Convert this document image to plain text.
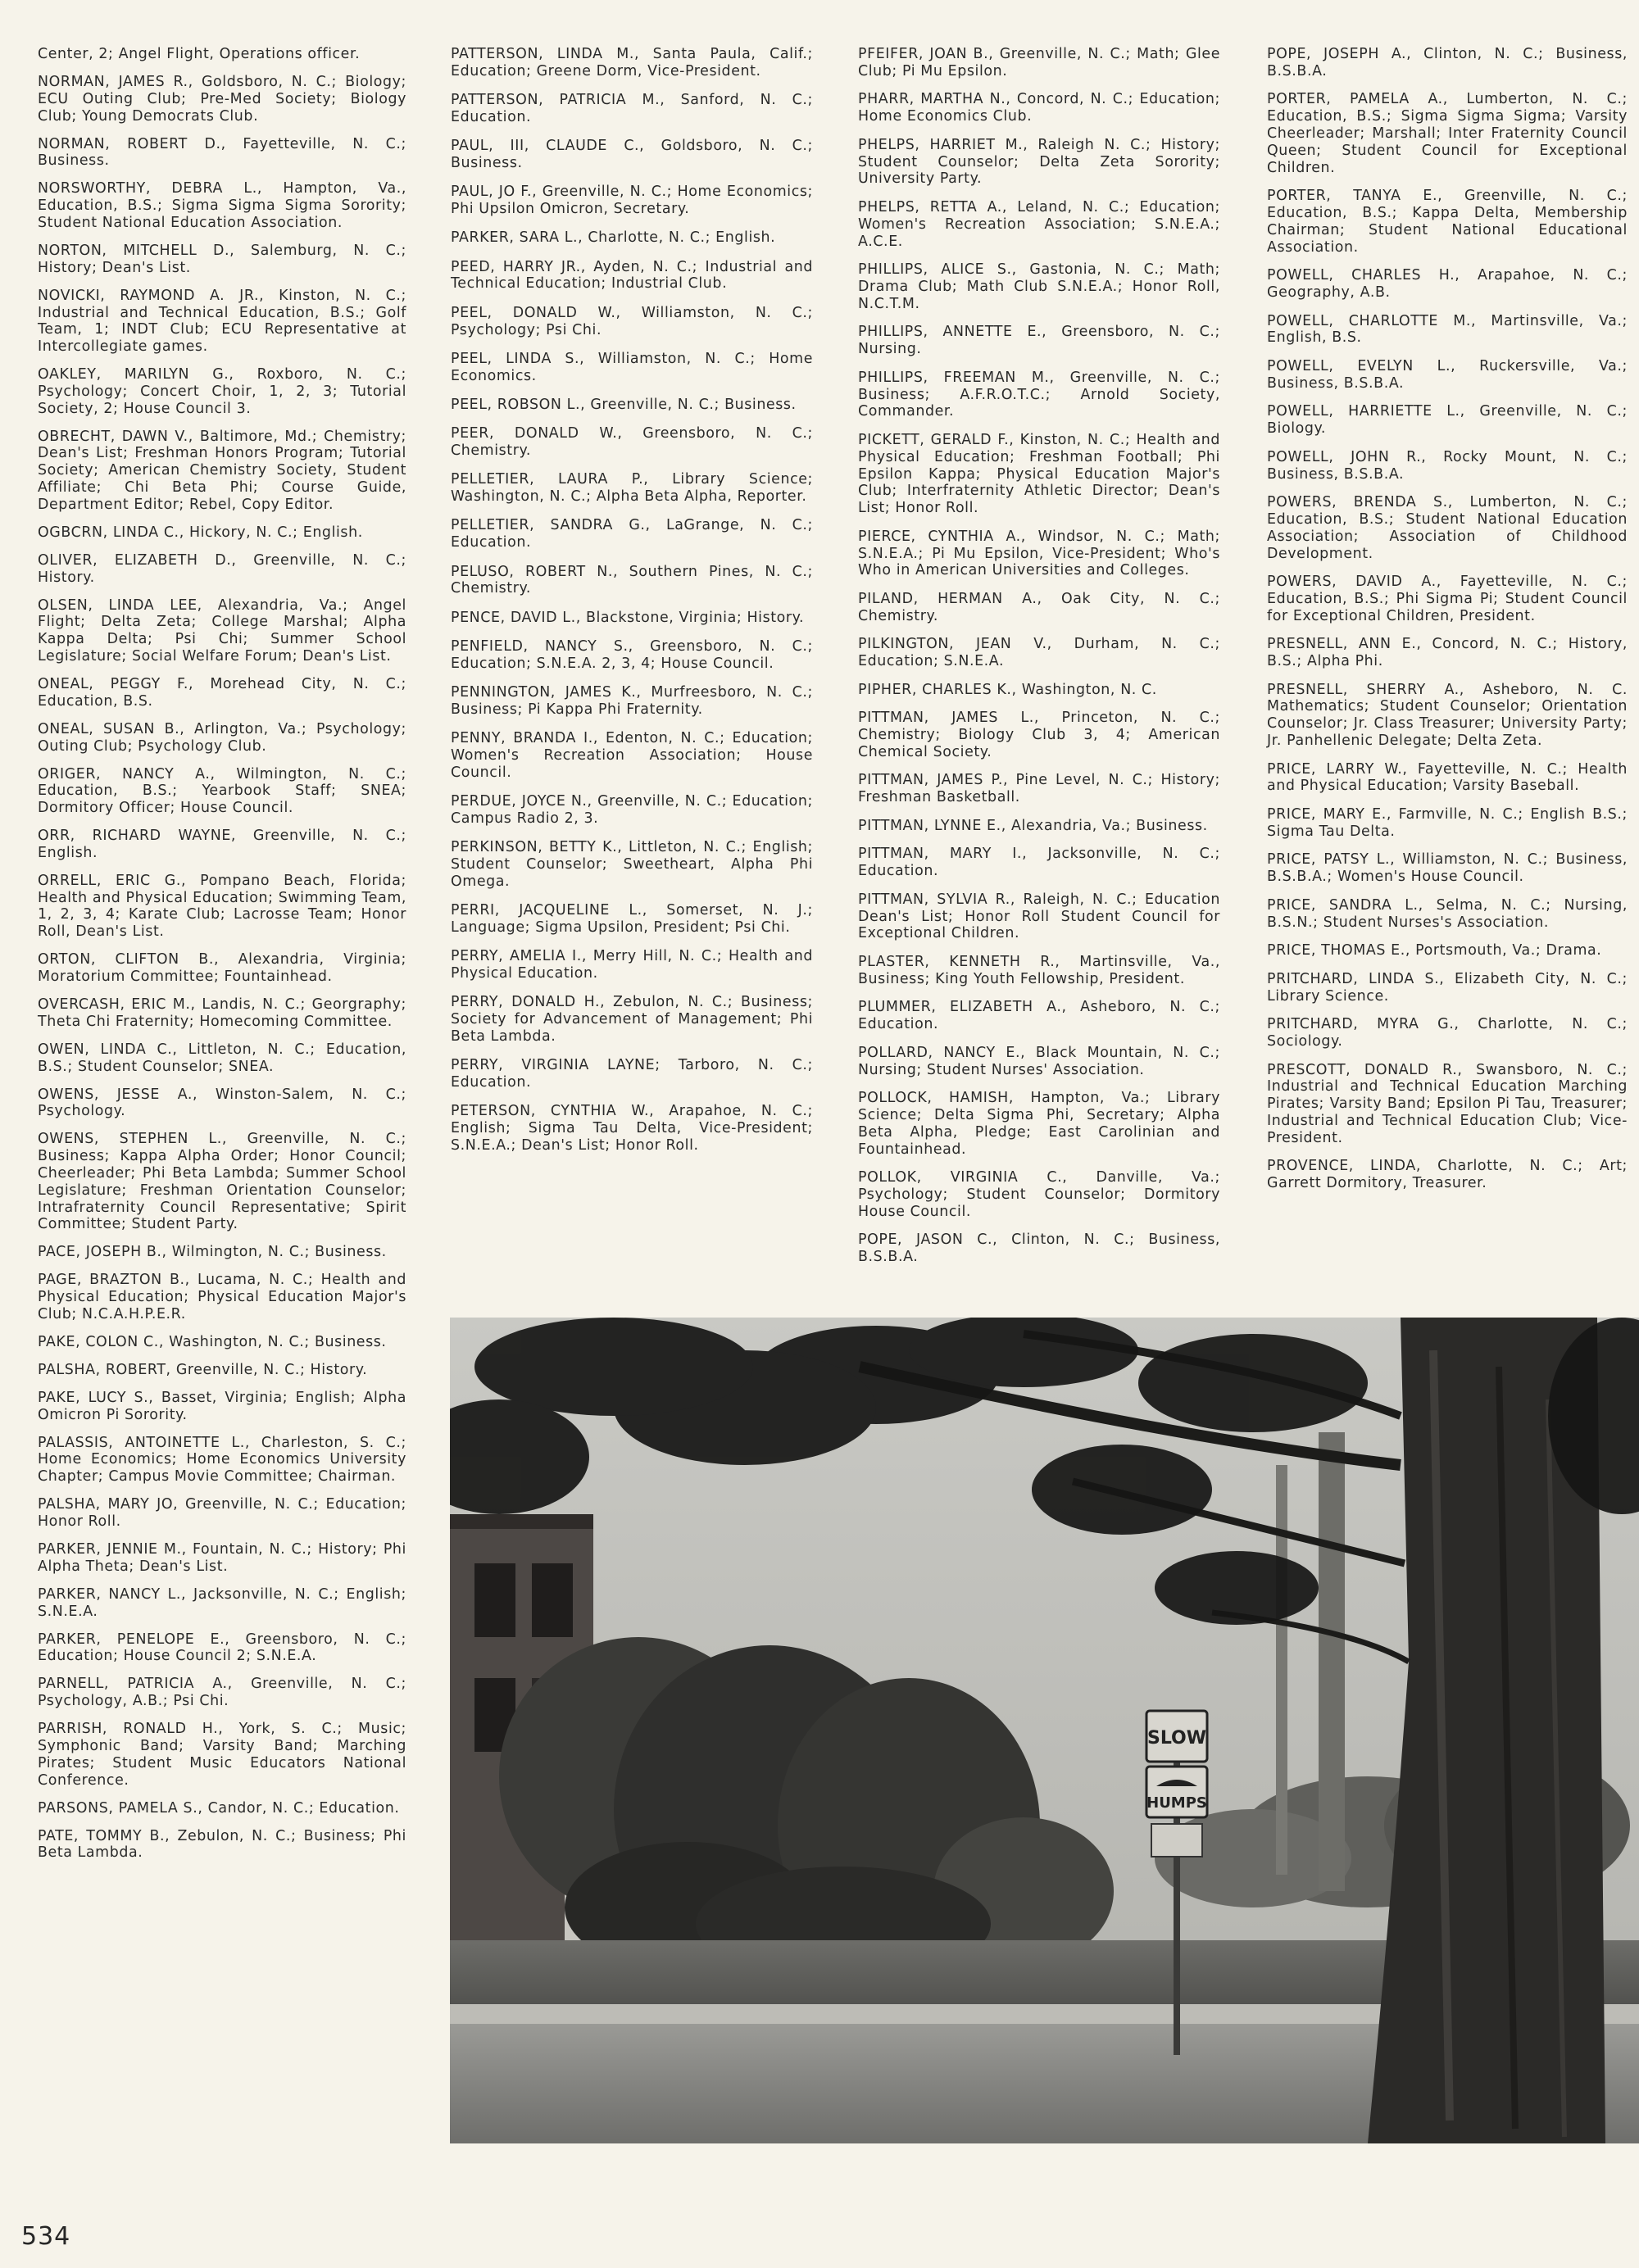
Center, 2; Angel Flight, Operations officer.

NORMAN, JAMES R., Goldsboro, N. C.; Biology; ECU Outing Club; Pre-Med Society; Biology Club; Young Democrats Club.

NORMAN, ROBERT D., Fayetteville, N. C.; Business.

NORSWORTHY, DEBRA L., Hampton, Va., Education, B.S.; Sigma Sigma Sigma Sorority; Student National Education Association.

NORTON, MITCHELL D., Salemburg, N. C.; History; Dean's List.

NOVICKI, RAYMOND A. JR., Kinston, N. C.; Industrial and Technical Education, B.S.; Golf Team, 1; INDT Club; ECU Representative at Intercollegiate games.

OAKLEY, MARILYN G., Roxboro, N. C.; Psychology; Concert Choir, 1, 2, 3; Tutorial Society, 2; House Council 3.

OBRECHT, DAWN V., Baltimore, Md.; Chemistry; Dean's List; Freshman Honors Program; Tutorial Society; American Chemistry Society, Student Affiliate; Chi Beta Phi; Course Guide, Department Editor; Rebel, Copy Editor.

OGBCRN, LINDA C., Hickory, N. C.; English.

OLIVER, ELIZABETH D., Greenville, N. C.; History.

OLSEN, LINDA LEE, Alexandria, Va.; Angel Flight; Delta Zeta; College Marshal; Alpha Kappa Delta; Psi Chi; Summer School Legislature; Social Welfare Forum; Dean's List.

ONEAL, PEGGY F., Morehead City, N. C.; Education, B.S.

ONEAL, SUSAN B., Arlington, Va.; Psychology; Outing Club; Psychology Club.

ORIGER, NANCY A., Wilmington, N. C.; Education, B.S.; Yearbook Staff; SNEA; Dormitory Officer; House Council.

ORR, RICHARD WAYNE, Greenville, N. C.; English.

ORRELL, ERIC G., Pompano Beach, Florida; Health and Physical Education; Swimming Team, 1, 2, 3, 4; Karate Club; Lacrosse Team; Honor Roll, Dean's List.

ORTON, CLIFTON B., Alexandria, Virginia; Moratorium Committee; Fountainhead.

OVERCASH, ERIC M., Landis, N. C.; Georgraphy; Theta Chi Fraternity; Homecoming Committee.

OWEN, LINDA C., Littleton, N. C.; Education, B.S.; Student Counselor; SNEA.

OWENS, JESSE A., Winston-Salem, N. C.; Psychology.

OWENS, STEPHEN L., Greenville, N. C.; Business; Kappa Alpha Order; Honor Council; Cheerleader; Phi Beta Lambda; Summer School Legislature; Freshman Orientation Counselor; Intrafraternity Council Representative; Spirit Committee; Student Party.

PACE, JOSEPH B., Wilmington, N. C.; Business.

PAGE, BRAZTON B., Lucama, N. C.; Health and Physical Education; Physical Education Major's Club; N.C.A.H.P.E.R.

PAKE, COLON C., Washington, N. C.; Business.

PALSHA, ROBERT, Greenville, N. C.; History.

PAKE, LUCY S., Basset, Virginia; English; Alpha Omicron Pi Sorority.

PALASSIS, ANTOINETTE L., Charleston, S. C.; Home Economics; Home Economics University Chapter; Campus Movie Committee; Chairman.

PALSHA, MARY JO, Greenville, N. C.; Education; Honor Roll.

PARKER, JENNIE M., Fountain, N. C.; History; Phi Alpha Theta; Dean's List.

PARKER, NANCY L., Jacksonville, N. C.; English; S.N.E.A.

PARKER, PENELOPE E., Greensboro, N. C.; Education; House Council 2; S.N.E.A.

PARNELL, PATRICIA A., Greenville, N. C.; Psychology, A.B.; Psi Chi.

PARRISH, RONALD H., York, S. C.; Music; Symphonic Band; Varsity Band; Marching Pirates; Student Music Educators National Conference.

PARSONS, PAMELA S., Candor, N. C.; Education.

PATE, TOMMY B., Zebulon, N. C.; Business; Phi Beta Lambda.

PATTERSON, LINDA M., Santa Paula, Calif.; Education; Greene Dorm, Vice-President.

PATTERSON, PATRICIA M., Sanford, N. C.; Education.

PAUL, III, CLAUDE C., Goldsboro, N. C.; Business.

PAUL, JO F., Greenville, N. C.; Home Economics; Phi Upsilon Omicron, Secretary.

PARKER, SARA L., Charlotte, N. C.; English.

PEED, HARRY JR., Ayden, N. C.; Industrial and Technical Education; Industrial Club.

PEEL, DONALD W., Williamston, N. C.; Psychology; Psi Chi.

PEEL, LINDA S., Williamston, N. C.; Home Economics.

PEEL, ROBSON L., Greenville, N. C.; Business.

PEER, DONALD W., Greensboro, N. C.; Chemistry.

PELLETIER, LAURA P., Library Science; Washington, N. C.; Alpha Beta Alpha, Reporter.

PELLETIER, SANDRA G., LaGrange, N. C.; Education.

PELUSO, ROBERT N., Southern Pines, N. C.; Chemistry.

PENCE, DAVID L., Blackstone, Virginia; History.

PENFIELD, NANCY S., Greensboro, N. C.; Education; S.N.E.A. 2, 3, 4; House Council.

PENNINGTON, JAMES K., Murfreesboro, N. C.; Business; Pi Kappa Phi Fraternity.

PENNY, BRANDA I., Edenton, N. C.; Education; Women's Recreation Association; House Council.

PERDUE, JOYCE N., Greenville, N. C.; Education; Campus Radio 2, 3.

PERKINSON, BETTY K., Littleton, N. C.; English; Student Counselor; Sweetheart, Alpha Phi Omega.

PERRI, JACQUELINE L., Somerset, N. J.; Language; Sigma Upsilon, President; Psi Chi.

PERRY, AMELIA I., Merry Hill, N. C.; Health and Physical Education.

PERRY, DONALD H., Zebulon, N. C.; Business; Society for Advancement of Management; Phi Beta Lambda.

PERRY, VIRGINIA LAYNE; Tarboro, N. C.; Education.

PETERSON, CYNTHIA W., Arapahoe, N. C.; English; Sigma Tau Delta, Vice-President; S.N.E.A.; Dean's List; Honor Roll.

PFEIFER, JOAN B., Greenville, N. C.; Math; Glee Club; Pi Mu Epsilon.

PHARR, MARTHA N., Concord, N. C.; Education; Home Economics Club.

PHELPS, HARRIET M., Raleigh N. C.; History; Student Counselor; Delta Zeta Sorority; University Party.

PHELPS, RETTA A., Leland, N. C.; Education; Women's Recreation Association; S.N.E.A.; A.C.E.

PHILLIPS, ALICE S., Gastonia, N. C.; Math; Drama Club; Math Club S.N.E.A.; Honor Roll, N.C.T.M.

PHILLIPS, ANNETTE E., Greensboro, N. C.; Nursing.

PHILLIPS, FREEMAN M., Greenville, N. C.; Business; A.F.R.O.T.C.; Arnold Society, Commander.

PICKETT, GERALD F., Kinston, N. C.; Health and Physical Education; Freshman Football; Phi Epsilon Kappa; Physical Education Major's Club; Interfraternity Athletic Director; Dean's List; Honor Roll.

PIERCE, CYNTHIA A., Windsor, N. C.; Math; S.N.E.A.; Pi Mu Epsilon, Vice-President; Who's Who in American Universities and Colleges.

PILAND, HERMAN A., Oak City, N. C.; Chemistry.

PILKINGTON, JEAN V., Durham, N. C.; Education; S.N.E.A.

PIPHER, CHARLES K., Washington, N. C.

PITTMAN, JAMES L., Princeton, N. C.; Chemistry; Biology Club 3, 4; American Chemical Society.

PITTMAN, JAMES P., Pine Level, N. C.; History; Freshman Basketball.

PITTMAN, LYNNE E., Alexandria, Va.; Business.

PITTMAN, MARY I., Jacksonville, N. C.; Education.

PITTMAN, SYLVIA R., Raleigh, N. C.; Education Dean's List; Honor Roll Student Council for Exceptional Children.

PLASTER, KENNETH R., Martinsville, Va., Business; King Youth Fellowship, President.

PLUMMER, ELIZABETH A., Asheboro, N. C.; Education.

POLLARD, NANCY E., Black Mountain, N. C.; Nursing; Student Nurses' Association.

POLLOCK, HAMISH, Hampton, Va.; Library Science; Delta Sigma Phi, Secretary; Alpha Beta Alpha, Pledge; East Carolinian and Fountainhead.

POLLOK, VIRGINIA C., Danville, Va.; Psychology; Student Counselor; Dormitory House Council.

POPE, JASON C., Clinton, N. C.; Business, B.S.B.A.

POPE, JOSEPH A., Clinton, N. C.; Business, B.S.B.A.

PORTER, PAMELA A., Lumberton, N. C.; Education, B.S.; Sigma Sigma Sigma; Varsity Cheerleader; Marshall; Inter Fraternity Council Queen; Student Council for Exceptional Children.

PORTER, TANYA E., Greenville, N. C.; Education, B.S.; Kappa Delta, Membership Chairman; Student National Educational Association.

POWELL, CHARLES H., Arapahoe, N. C.; Geography, A.B.

POWELL, CHARLOTTE M., Martinsville, Va.; English, B.S.

POWELL, EVELYN L., Ruckersville, Va.; Business, B.S.B.A.

POWELL, HARRIETTE L., Greenville, N. C.; Biology.

POWELL, JOHN R., Rocky Mount, N. C.; Business, B.S.B.A.

POWERS, BRENDA S., Lumberton, N. C.; Education, B.S.; Student National Education Association; Association of Childhood Development.

POWERS, DAVID A., Fayetteville, N. C.; Education, B.S.; Phi Sigma Pi; Student Council for Exceptional Children, President.

PRESNELL, ANN E., Concord, N. C.; History, B.S.; Alpha Phi.

PRESNELL, SHERRY A., Asheboro, N. C. Mathematics; Student Counselor; Orientation Counselor; Jr. Class Treasurer; University Party; Jr. Panhellenic Delegate; Delta Zeta.

PRICE, LARRY W., Fayetteville, N. C.; Health and Physical Education; Varsity Baseball.

PRICE, MARY E., Farmville, N. C.; English B.S.; Sigma Tau Delta.

PRICE, PATSY L., Williamston, N. C.; Business, B.S.B.A.; Women's House Council.

PRICE, SANDRA L., Selma, N. C.; Nursing, B.S.N.; Student Nurses's Association.

PRICE, THOMAS E., Portsmouth, Va.; Drama.

PRITCHARD, LINDA S., Elizabeth City, N. C.; Library Science.

PRITCHARD, MYRA G., Charlotte, N. C.; Sociology.

PRESCOTT, DONALD R., Swansboro, N. C.; Industrial and Technical Education Marching Pirates; Varsity Band; Epsilon Pi Tau, Treasurer; Industrial and Technical Education Club; Vice-President.

PROVENCE, LINDA, Charlotte, N. C.; Art; Garrett Dormitory, Treasurer.

SLOW
HUMPS
534
